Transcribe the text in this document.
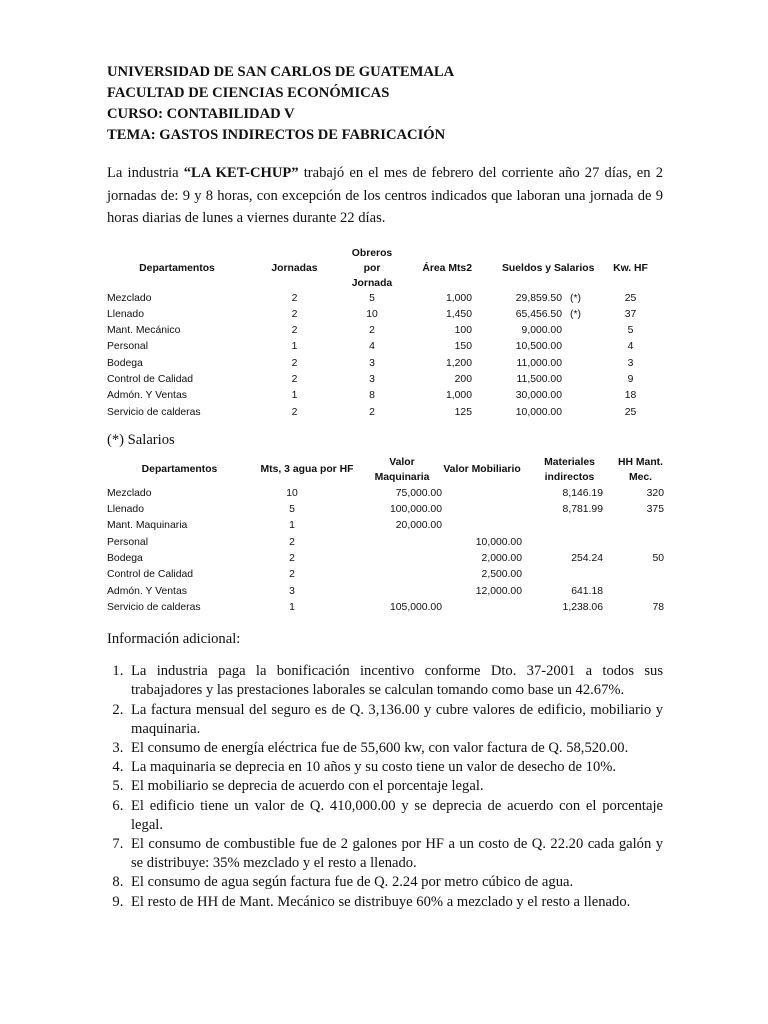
UNIVERSIDAD DE SAN CARLOS DE GUATEMALA

FACULTAD DE CIENCIAS ECONÓMICAS

CURSO: CONTABILIDAD V

TEMA: GASTOS INDIRECTOS DE FABRICACIÓN

La industria “LA KET-CHUP” trabajó en el mes de febrero del corriente año 27 días, en 2 jornadas de: 9 y 8 horas, con excepción de los centros indicados que laboran una jornada de 9 horas diarias de lunes a viernes durante 22 días.

Departamentos	Jornadas	Obreros por Jornada	Área Mts2	Sueldos y Salarios		Kw. HF
Mezclado	2	5	1,000	29,859.50	(*)	25
Llenado	2	10	1,450	65,456.50	(*)	37
Mant. Mecánico	2	2	100	9,000.00		5
Personal	1	4	150	10,500.00		4
Bodega	2	3	1,200	11,000.00		3
Control de Calidad	2	3	200	11,500.00		9
Admón. Y Ventas	1	8	1,000	30,000.00		18
Servicio de calderas	2	2	125	10,000.00		25

(*) Salarios

Departamentos	Mts, 3 agua por HF	Valor Maquinaria	Valor Mobiliario	Materiales indirectos	HH Mant. Mec.
Mezclado	10	75,000.00		8,146.19	320
Llenado	5	100,000.00		8,781.99	375
Mant. Maquinaria	1	20,000.00			
Personal	2		10,000.00		
Bodega	2		2,000.00	254.24	50
Control de Calidad	2		2,500.00		
Admón. Y Ventas	3		12,000.00	641.18	
Servicio de calderas	1	105,000.00		1,238.06	78

Información adicional:

1. La industria paga la bonificación incentivo conforme Dto. 37-2001 a todos sus trabajadores y las prestaciones laborales se calculan tomando como base un 42.67%.
2. La factura mensual del seguro es de Q. 3,136.00 y cubre valores de edificio, mobiliario y maquinaria.
3. El consumo de energía eléctrica fue de 55,600 kw, con valor factura de Q. 58,520.00.
4. La maquinaria se deprecia en 10 años y su costo tiene un valor de desecho de 10%.
5. El mobiliario se deprecia de acuerdo con el porcentaje legal.
6. El edificio tiene un valor de Q. 410,000.00 y se deprecia de acuerdo con el porcentaje legal.
7. El consumo de combustible fue de 2 galones por HF a un costo de Q. 22.20 cada galón y se distribuye: 35% mezclado y el resto a llenado.
8. El consumo de agua según factura fue de Q. 2.24 por metro cúbico de agua.
9. El resto de HH de Mant. Mecánico se distribuye 60% a mezclado y el resto a llenado.
